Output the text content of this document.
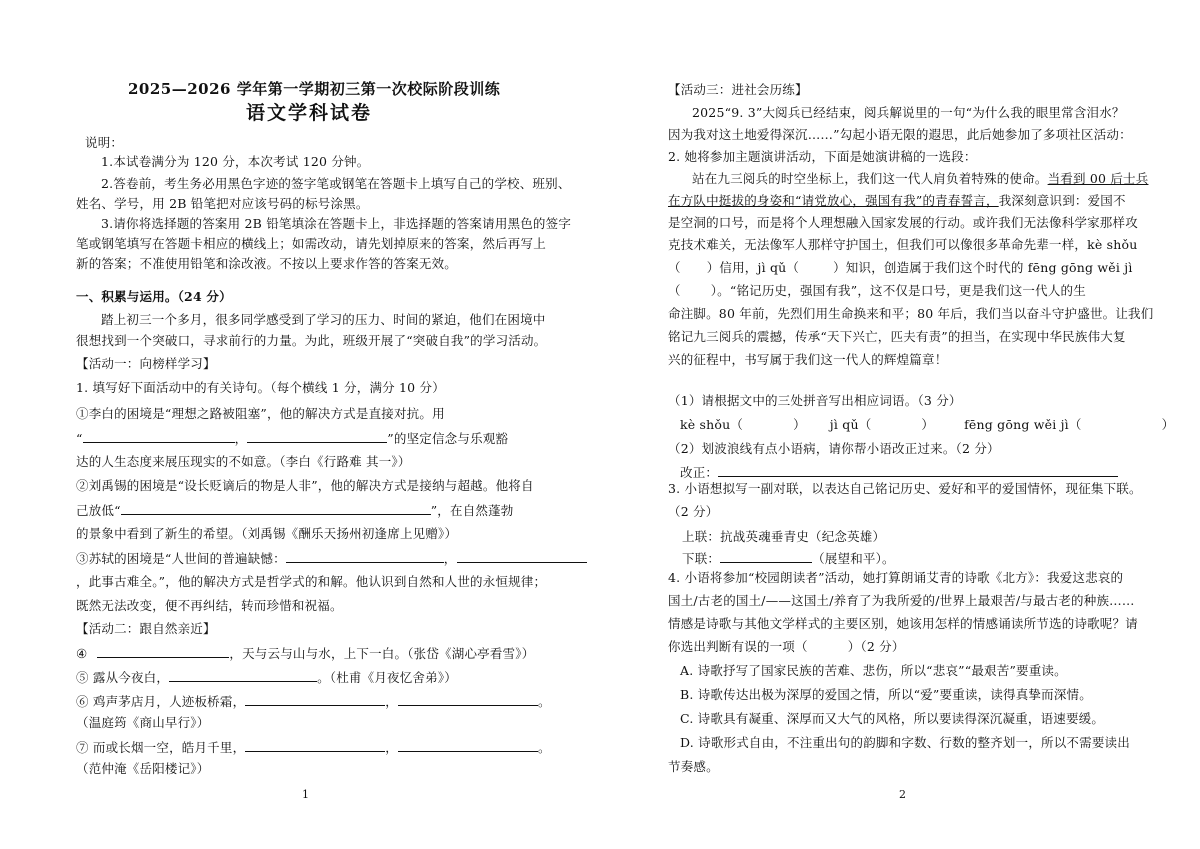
2025—2026 学年第一学期初三第一次校际阶段训练
语文学科试卷
说明：
1.本试卷满分为 120 分，本次考试 120 分钟。
2.答卷前，考生务必用黑色字迹的签字笔或钢笔在答题卡上填写自己的学校、班别、
姓名、学号，用 2B 铅笔把对应该号码的标号涂黑。
3.请你将选择题的答案用 2B 铅笔填涂在答题卡上，非选择题的答案请用黑色的签字
笔或钢笔填写在答题卡相应的横线上；如需改动，请先划掉原来的答案，然后再写上
新的答案；不准使用铅笔和涂改液。不按以上要求作答的答案无效。
一、积累与运用。（24 分）
踏上初三一个多月，很多同学感受到了学习的压力、时间的紧迫，他们在困境中
很想找到一个突破口，寻求前行的力量。为此，班级开展了“突破自我”的学习活动。
【活动一：向榜样学习】
1. 填写好下面活动中的有关诗句。（每个横线 1 分，满分 10 分）
①李白的困境是“理想之路被阻塞”，他的解决方式是直接对抗。用
“	，	”的坚定信念与乐观豁
达的人生态度来展压现实的不如意。（李白《行路难 其一》）
②刘禹锡的困境是“设长贬谪后的物是人非”，他的解决方式是接纳与超越。他将自
己放低“	”，在自然蓬勃
的景象中看到了新生的希望。（刘禹锡《酬乐天扬州初逢席上见赠》）
③苏轼的困境是“人世间的普遍缺憾：	，
，此事古难全。”，他的解决方式是哲学式的和解。他认识到自然和人世的永恒规律；
既然无法改变，便不再纠结，转而珍惜和祝福。
【活动二：跟自然亲近】
④	，天与云与山与水，上下一白。（张岱《湖心亭看雪》）
⑤ 露从今夜白，	。（杜甫《月夜忆舍弟》）
⑥ 鸡声茅店月，人迹板桥霜，	，	。
（温庭筠《商山早行》）
⑦ 而或长烟一空，皓月千里，	，	。
（范仲淹《岳阳楼记》）
1
【活动三：进社会历练】
2025“9. 3”大阅兵已经结束，阅兵解说里的一句“为什么我的眼里常含泪水？
因为我对这土地爱得深沉……”勾起小语无限的遐思，此后她参加了多项社区活动：
2. 她将参加主题演讲活动，下面是她演讲稿的一选段：
站在九三阅兵的时空坐标上，我们这一代人肩负着特殊的使命。当看到 00 后士兵
在方队中挺拔的身姿和“请党放心，强国有我”的青春誓言，我深刻意识到：爱国不
是空洞的口号，而是将个人理想融入国家发展的行动。或许我们无法像科学家那样攻
克技术难关，无法像军人那样守护国土，但我们可以像很多革命先辈一样，kè shǒu
（ ）信用，jì qǔ（	）知识，创造属于我们这个时代的 fēng gōng wěi jì
（ ）。“铭记历史，强国有我”，这不仅是口号，更是我们这一代人的生
命注脚。80 年前，先烈们用生命换来和平；80 年后，我们当以奋斗守护盛世。让我们
铭记九三阅兵的震撼，传承“天下兴亡，匹夫有责”的担当，在实现中华民族伟大复
兴的征程中，书写属于我们这一代人的辉煌篇章！
（1）请根据文中的三处拼音写出相应词语。（3 分）
kè shǒu（	） jì qǔ（	） fēng gōng wěi jì（	）
（2）划波浪线有点小语病，请你帮小语改正过来。（2 分）
改正：
3. 小语想拟写一副对联，以表达自己铭记历史、爱好和平的爱国情怀，现征集下联。
（2 分）
上联：抗战英魂垂青史（纪念英雄）
下联：	（展望和平）。
4. 小语将参加“校园朗读者”活动，她打算朗诵艾青的诗歌《北方》：我爱这悲哀的
国土/古老的国土/——这国土/养育了为我所爱的/世界上最艰苦/与最古老的种族……
情感是诗歌与其他文学样式的主要区别，她该用怎样的情感诵读所节选的诗歌呢？请
你选出判断有误的一项（	）（2 分）
A. 诗歌抒写了国家民族的苦难、悲伤，所以“悲哀”“最艰苦”要重读。
B. 诗歌传达出极为深厚的爱国之情，所以“爱”要重读，读得真挚而深情。
C. 诗歌具有凝重、深厚而又大气的风格，所以要读得深沉凝重，语速要缓。
D. 诗歌形式自由，不注重出句的韵脚和字数、行数的整齐划一，所以不需要读出
节奏感。
2
